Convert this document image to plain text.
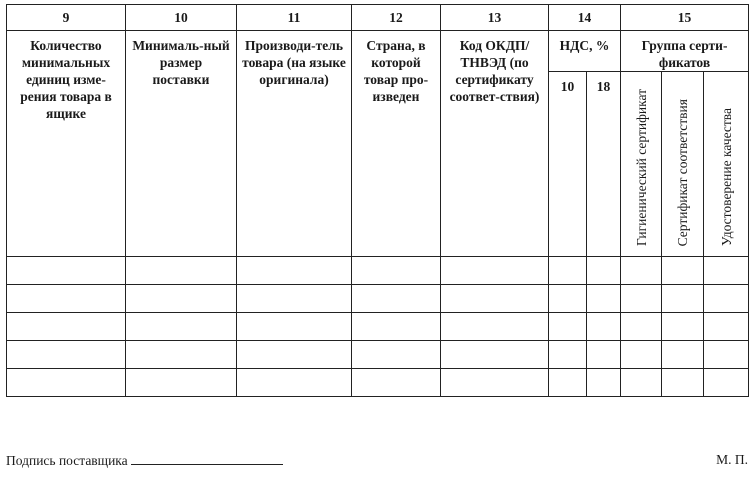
9	10	11	12	13	14		15		

Количество минимальных единиц изме-рения товара в ящике	Минималь-ный размер поставки	Производи-тель товара (на языке оригинала)	Страна, в которой товар про-изведен	Код ОКДП/ ТНВЭД (по сертификату соответ-ствия)	НДС, %		Группа серти-фикатов		

					10	18	Гигиенический сертификат	Сертификат соответствия	Удостоверение качества

Подпись поставщика	М. П.
